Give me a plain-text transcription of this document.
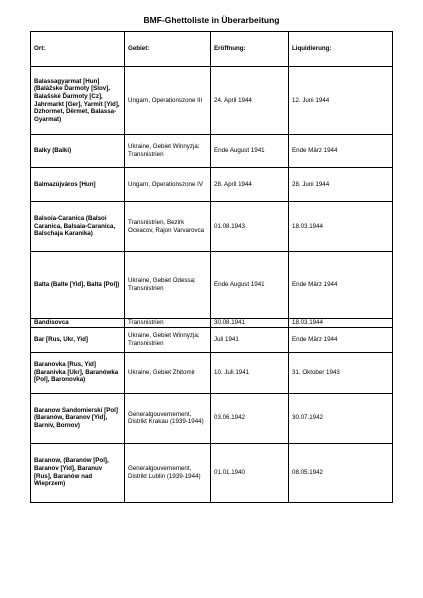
BMF-Ghettoliste in Überarbeitung
Ort:	Gebiet:	Eröffnung:	Liquidierung:
Balassagyarmat [Hun] (Balážske Ďarmoty [Slov], Balašské Ďarmoty [Cz], Jahrmarkt [Ger], Yarmit [Yid], Dzhormet, Dërmet, Balassa-Gyarmat)	Ungarn, Operationszone III	24. April 1944	12. Juni 1944
Balky (Balki)	Ukraine, Gebiet Winnyzja; Transnistrien	Ende August 1941	Ende März 1944
Balmazújváros [Hun]	Ungarn, Operationszone IV	28. April 1944	28. Juni 1944
Balsoia-Caranica (Balsoi Caranica, Balsaia-Caranica, Balschaja Karanika)	Transnistrien, Bezirk Oceacov, Rajon Varvarovca	01.08.1943	18.03.1944
Balta (Balte [Yid], Balta [Pol])	Ukraine, Gebiet Odessa; Transnistrien	Ende August 1941	Ende März 1944
Bandisovca	Transnistrien	30.08.1941	18.03.1944
Bar [Rus, Ukr, Yid]	Ukraine, Gebiet Winnyzja; Transnistrien	Juli 1941	Ende März 1944
Baranovka [Rus, Yid] (Baranivka [Ukr], Baranówka [Pol], Baronovka)	Ukraine, Gebiet Zhitomir	10. Juli 1941	31. Oktober 1943
Baranow Sandomierski [Pol] (Baranów, Baranov [Yid], Barniv, Bornov)	Generalgouvernement, Distrikt Krakau (1939-1944)	03.06.1942	30.07.1942
Baranow, (Baranów [Pol], Baranov [Yid], Baranuv [Rus], Baranów nad Wieprzem)	Generalgouvernement, Distrikt Lublin (1939-1944)	01.01.1940	08.05.1942
